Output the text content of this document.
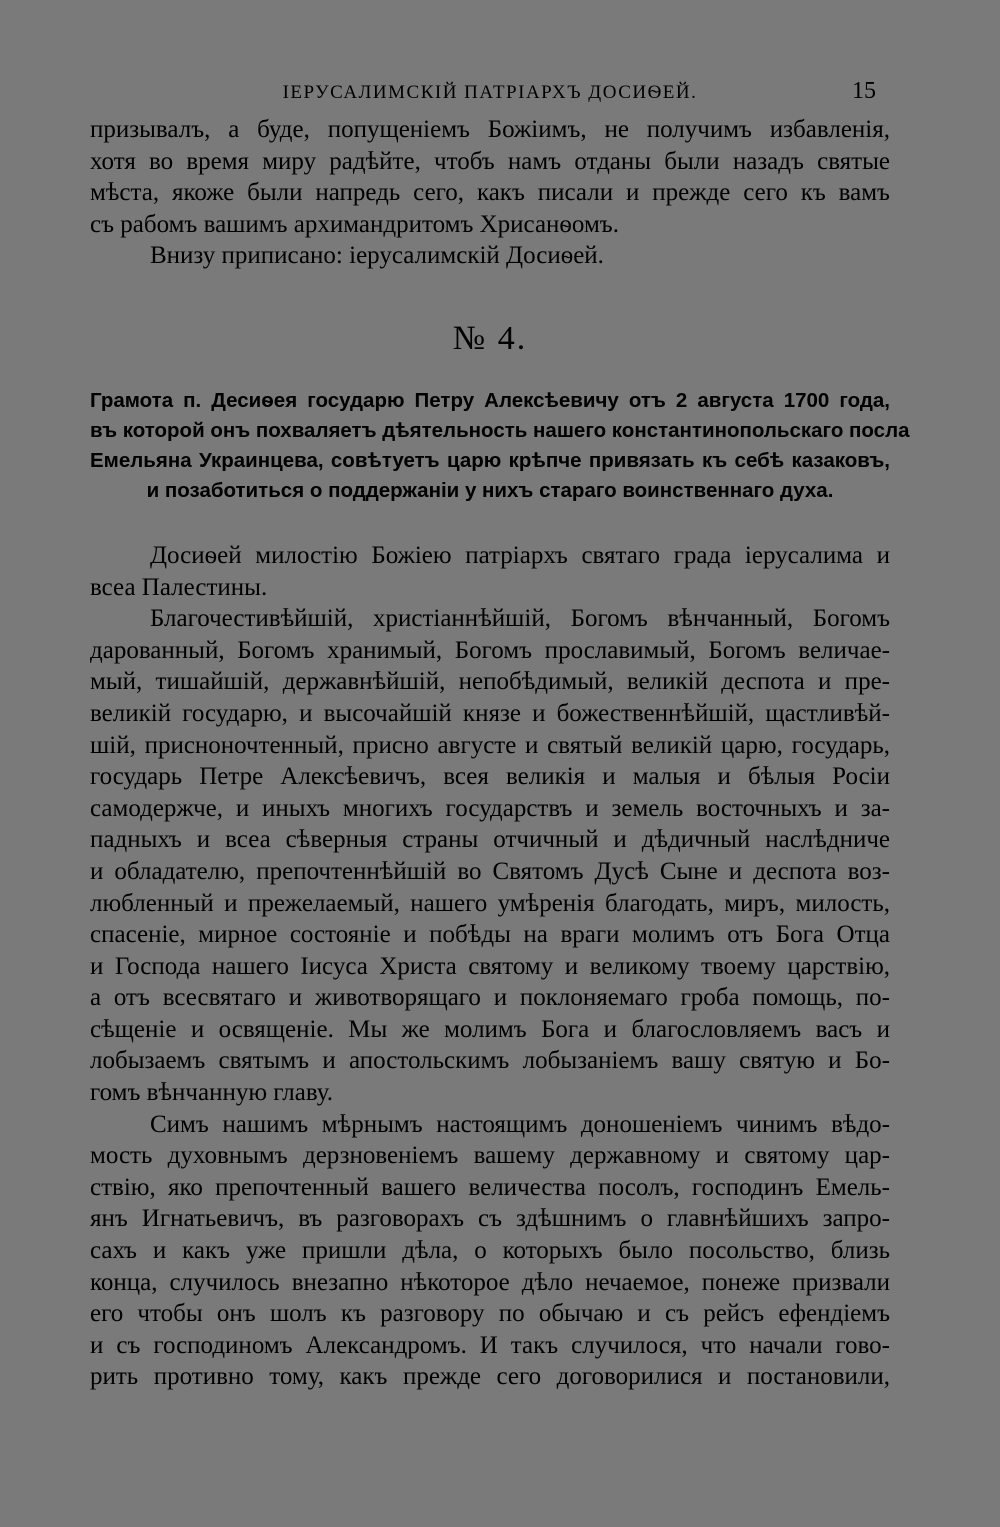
ІЕРУСАЛИМСКІЙ ПАТРІАРХЪ ДОСИѲЕЙ.	15

призывалъ, а буде, попущеніемъ Божіимъ, не получимъ избавленія,

хотя во время миру радѣйте, чтобъ намъ отданы были назадъ святые

мѣста, якоже были напредь сего, какъ писали и прежде сего къ вамъ

съ рабомъ вашимъ архимандритомъ Хрисанѳомъ.

Внизу приписано: іерусалимскій Досиѳей.

№ 4.

Грамота п. Десиѳея государю Петру Алексѣевичу отъ 2 августа 1700 года,

въ которой онъ похваляетъ дѣятельность нашего константинопольскаго посла

Емельяна Украинцева, совѣтуетъ царю крѣпче привязать къ себѣ казаковъ,

и позаботиться о поддержаніи у нихъ стараго воинственнаго духа.

Досиѳей милостію Божіею патріархъ святаго града іерусалима и

всеа Палестины.

Благочестивѣйшій, христіаннѣйшій, Богомъ вѣнчанный, Богомъ

дарованный, Богомъ хранимый, Богомъ прославимый, Богомъ величае-

мый, тишайшій, державнѣйшій, непобѣдимый, великій деспота и пре-

великій государю, и высочайшій князе и божественнѣйшій, щастливѣй-

шій, присноночтенный, присно августе и святый великій царю, государь,

государь Петре Алексѣевичъ, всея великія и малыя и бѣлыя Росіи

самодержче, и иныхъ многихъ государствъ и земель восточныхъ и за-

падныхъ и всеа сѣверныя страны отчичный и дѣдичный наслѣдниче

и обладателю, препочтеннѣйшій во Святомъ Дусѣ Сыне и деспота воз-

любленный и прежелаемый, нашего умѣренія благодать, миръ, милость,

спасеніе, мирное состояніе и побѣды на враги молимъ отъ Бога Отца

и Господа нашего Іисуса Христа святому и великому твоему царствію,

а отъ всесвятаго и животворящаго и поклоняемаго гроба помощь, по-

сѣщеніе и освященіе. Мы же молимъ Бога и благословляемъ васъ и

лобызаемъ святымъ и апостольскимъ лобызаніемъ вашу святую и Бо-

гомъ вѣнчанную главу.

Симъ нашимъ мѣрнымъ настоящимъ доношеніемъ чинимъ вѣдо-

мость духовнымъ дерзновеніемъ вашему державному и святому цар-

ствію, яко препочтенный вашего величества посолъ, господинъ Емель-

янъ Игнатьевичъ, въ разговорахъ съ здѣшнимъ о главнѣйшихъ запро-

сахъ и какъ уже пришли дѣла, о которыхъ было посольство, близь

конца, случилось внезапно нѣкоторое дѣло нечаемое, понеже призвали

его чтобы онъ шолъ къ разговору по обычаю и съ рейсъ ефендіемъ

и съ господиномъ Александромъ. И такъ случилося, что начали гово-

рить противно тому, какъ прежде сего договорилися и постановили,
